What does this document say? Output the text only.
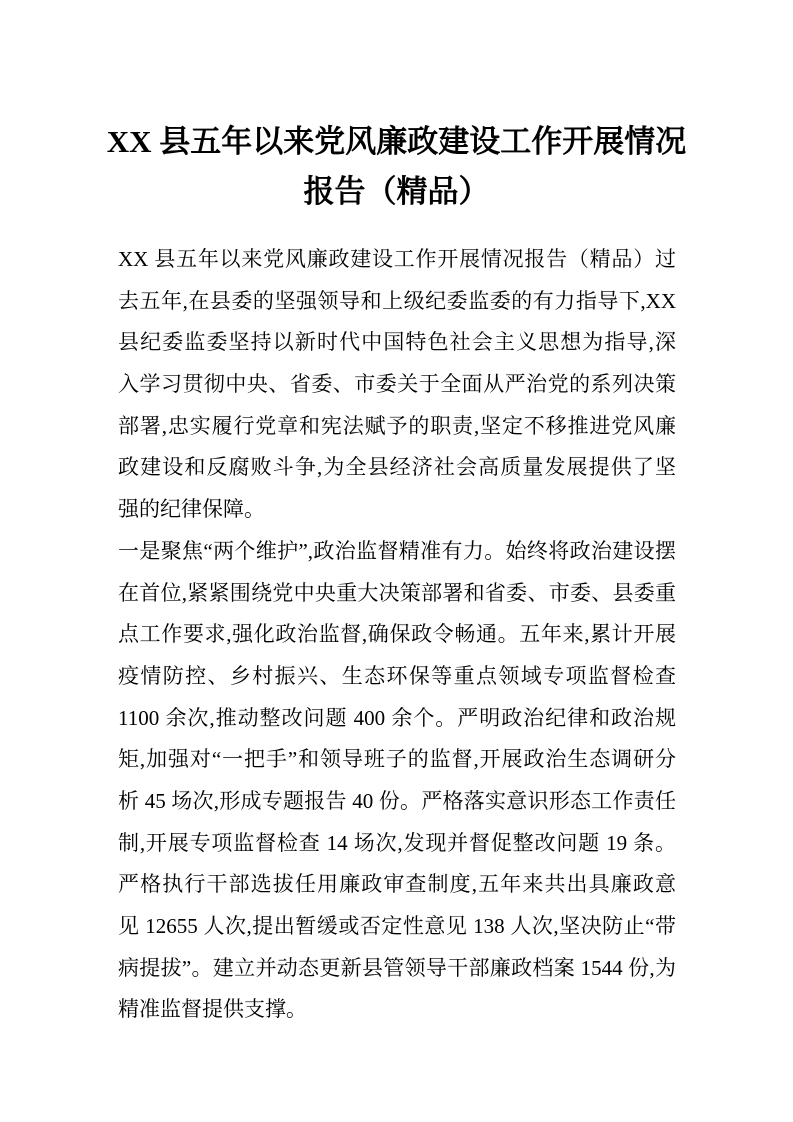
XX 县五年以来党风廉政建设工作开展情况
报告（精品）
XX 县五年以来党风廉政建设工作开展情况报告（精品）过
去五年,在县委的坚强领导和上级纪委监委的有力指导下,XX
县纪委监委坚持以新时代中国特色社会主义思想为指导,深
入学习贯彻中央、省委、市委关于全面从严治党的系列决策
部署,忠实履行党章和宪法赋予的职责,坚定不移推进党风廉
政建设和反腐败斗争,为全县经济社会高质量发展提供了坚
强的纪律保障。
一是聚焦“两个维护”,政治监督精准有力。始终将政治建设摆
在首位,紧紧围绕党中央重大决策部署和省委、市委、县委重
点工作要求,强化政治监督,确保政令畅通。五年来,累计开展
疫情防控、乡村振兴、生态环保等重点领域专项监督检查
1100 余次,推动整改问题 400 余个。严明政治纪律和政治规
矩,加强对“一把手”和领导班子的监督,开展政治生态调研分
析 45 场次,形成专题报告 40 份。严格落实意识形态工作责任
制,开展专项监督检查 14 场次,发现并督促整改问题 19 条。
严格执行干部选拔任用廉政审查制度,五年来共出具廉政意
见 12655 人次,提出暂缓或否定性意见 138 人次,坚决防止“带
病提拔”。建立并动态更新县管领导干部廉政档案 1544 份,为
精准监督提供支撑。
